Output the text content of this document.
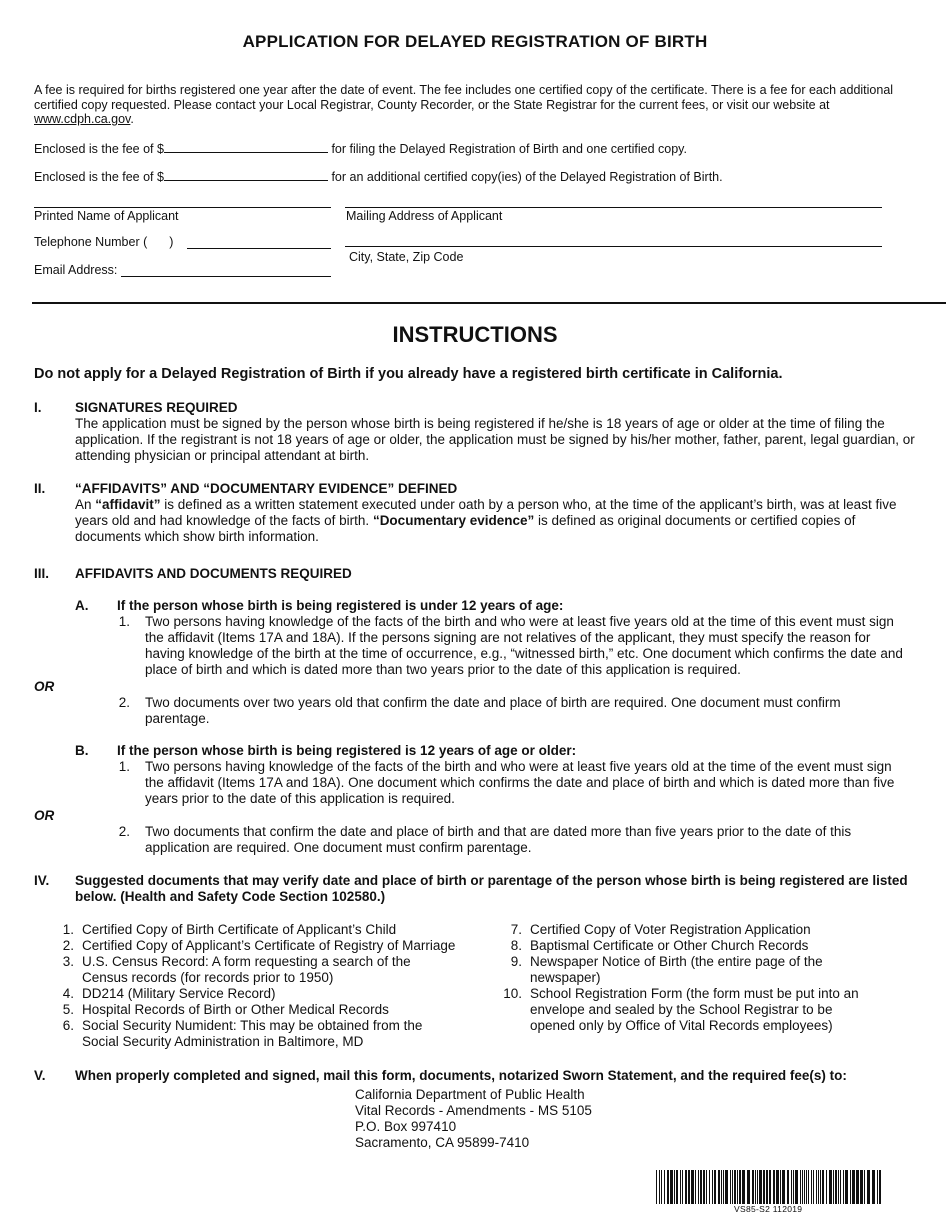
APPLICATION FOR DELAYED REGISTRATION OF BIRTH
A fee is required for births registered one year after the date of event. The fee includes one certified copy of the certificate. There is a fee for each additional certified copy requested. Please contact your Local Registrar, County Recorder, or the State Registrar for the current fees, or visit our website at www.cdph.ca.gov.
Enclosed is the fee of $	for filing the Delayed Registration of Birth and one certified copy.
Enclosed is the fee of $	for an additional certified copy(ies) of the Delayed Registration of Birth.
Printed Name of Applicant
Telephone Number ( )
Email Address:
Mailing Address of Applicant
City, State, Zip Code
INSTRUCTIONS
Do not apply for a Delayed Registration of Birth if you already have a registered birth certificate in California.
I. SIGNATURES REQUIRED
The application must be signed by the person whose birth is being registered if he/she is 18 years of age or older at the time of filing the application. If the registrant is not 18 years of age or older, the application must be signed by his/her mother, father, parent, legal guardian, or attending physician or principal attendant at birth.
II. “AFFIDAVITS” AND “DOCUMENTARY EVIDENCE” DEFINED
An “affidavit” is defined as a written statement executed under oath by a person who, at the time of the applicant’s birth, was at least five years old and had knowledge of the facts of birth. “Documentary evidence” is defined as original documents or certified copies of documents which show birth information.
III. AFFIDAVITS AND DOCUMENTS REQUIRED
A. If the person whose birth is being registered is under 12 years of age:
1. Two persons having knowledge of the facts of the birth and who were at least five years old at the time of this event must sign the affidavit (Items 17A and 18A). If the persons signing are not relatives of the applicant, they must specify the reason for having knowledge of the birth at the time of occurrence, e.g., “witnessed birth,” etc. One document which confirms the date and place of birth and which is dated more than two years prior to the date of this application is required.
OR
2. Two documents over two years old that confirm the date and place of birth are required. One document must confirm parentage.
B. If the person whose birth is being registered is 12 years of age or older:
1. Two persons having knowledge of the facts of the birth and who were at least five years old at the time of the event must sign the affidavit (Items 17A and 18A). One document which confirms the date and place of birth and which is dated more than five years prior to the date of this application is required.
OR
2. Two documents that confirm the date and place of birth and that are dated more than five years prior to the date of this application are required. One document must confirm parentage.
IV. Suggested documents that may verify date and place of birth or parentage of the person whose birth is being registered are listed below. (Health and Safety Code Section 102580.)
1. Certified Copy of Birth Certificate of Applicant’s Child
2. Certified Copy of Applicant’s Certificate of Registry of Marriage
3. U.S. Census Record: A form requesting a search of the Census records (for records prior to 1950)
4. DD214 (Military Service Record)
5. Hospital Records of Birth or Other Medical Records
6. Social Security Numident: This may be obtained from the Social Security Administration in Baltimore, MD
7. Certified Copy of Voter Registration Application
8. Baptismal Certificate or Other Church Records
9. Newspaper Notice of Birth (the entire page of the newspaper)
10. School Registration Form (the form must be put into an envelope and sealed by the School Registrar to be opened only by Office of Vital Records employees)
V. When properly completed and signed, mail this form, documents, notarized Sworn Statement, and the required fee(s) to:
California Department of Public Health
Vital Records - Amendments - MS 5105
P.O. Box 997410
Sacramento, CA 95899-7410
VS85-S2 112019
